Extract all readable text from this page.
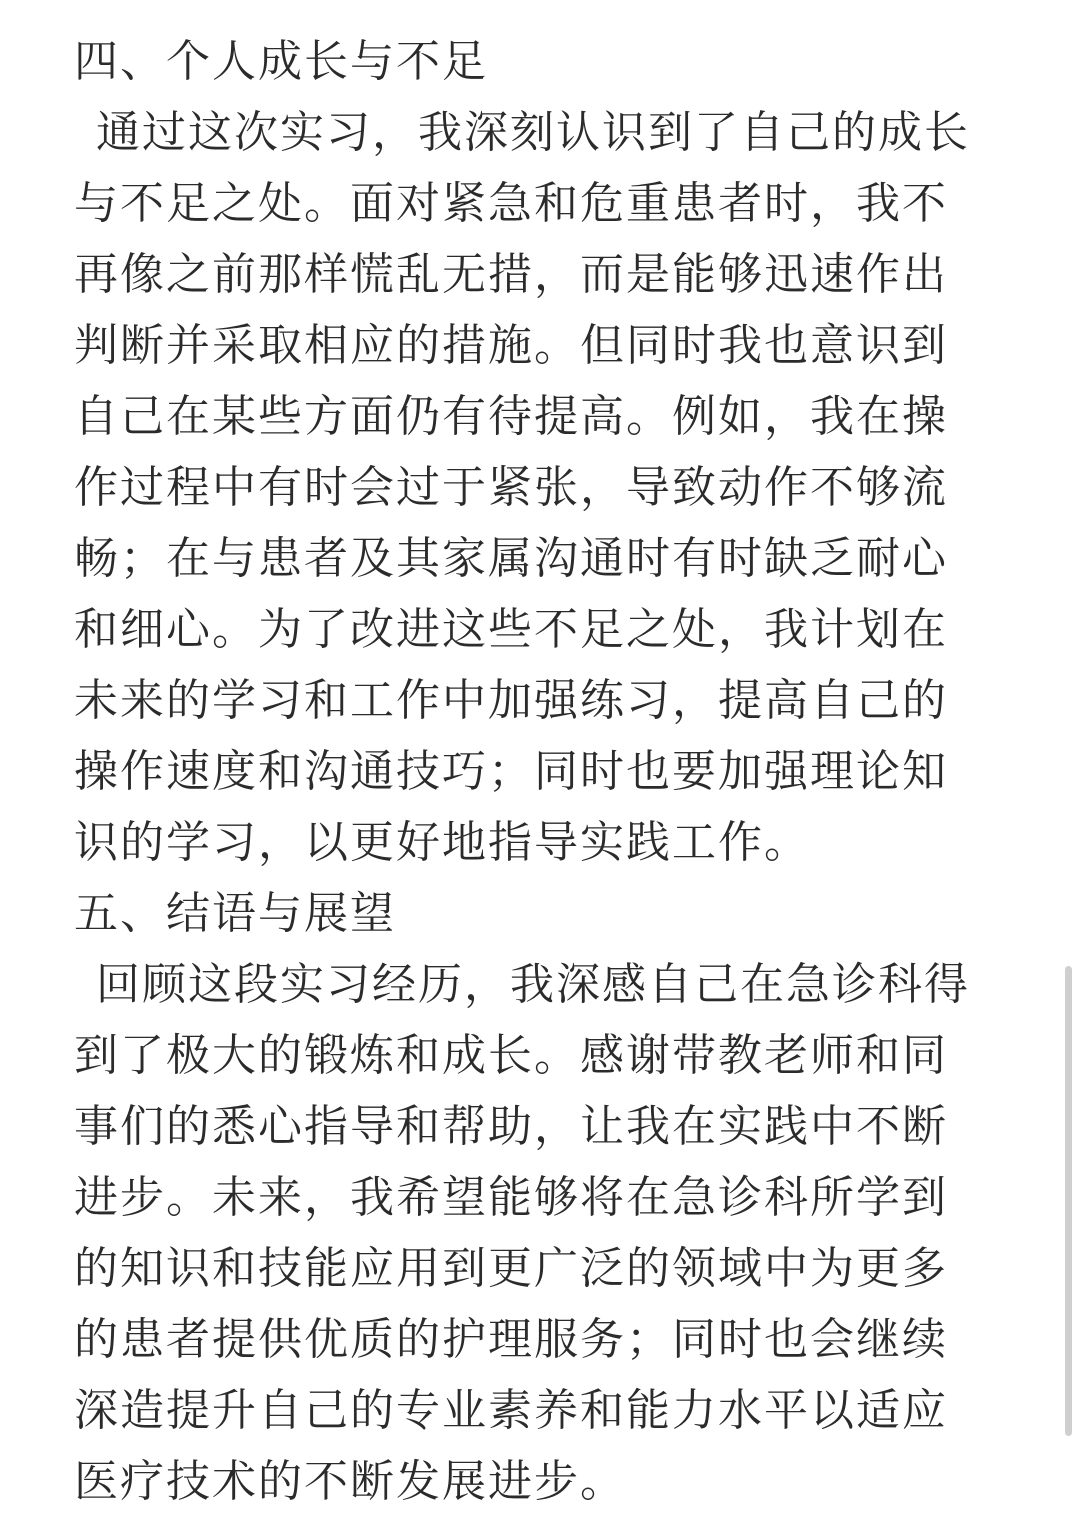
四、个人成长与不足

通过这次实习，我深刻认识到了自己的成长
与不足之处。面对紧急和危重患者时，我不
再像之前那样慌乱无措，而是能够迅速作出
判断并采取相应的措施。但同时我也意识到
自己在某些方面仍有待提高。例如，我在操
作过程中有时会过于紧张，导致动作不够流
畅；在与患者及其家属沟通时有时缺乏耐心
和细心。为了改进这些不足之处，我计划在
未来的学习和工作中加强练习，提高自己的
操作速度和沟通技巧；同时也要加强理论知
识的学习，以更好地指导实践工作。

五、结语与展望

回顾这段实习经历，我深感自己在急诊科得
到了极大的锻炼和成长。感谢带教老师和同
事们的悉心指导和帮助，让我在实践中不断
进步。未来，我希望能够将在急诊科所学到
的知识和技能应用到更广泛的领域中为更多
的患者提供优质的护理服务；同时也会继续
深造提升自己的专业素养和能力水平以适应
医疗技术的不断发展进步。
